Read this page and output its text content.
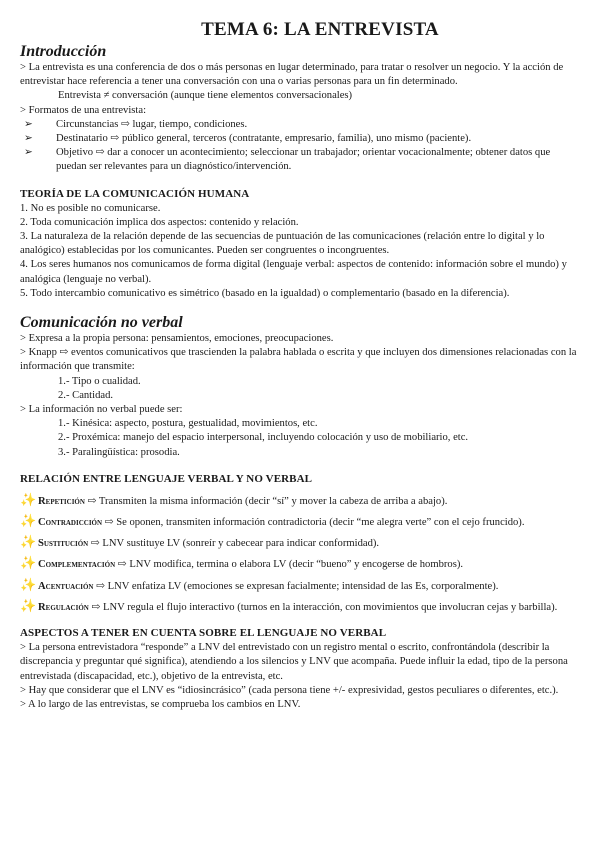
TEMA 6: LA ENTREVISTA
Introducción

> La entrevista es una conferencia de dos o más personas en lugar determinado, para tratar o resolver un negocio. Y la acción de entrevistar hace referencia a tener una conversación con una o varias personas para un fin determinado.

Entrevista ≠ conversación (aunque tiene elementos conversacionales)

> Formatos de una entrevista:

➢ Circunstancias ⇨ lugar, tiempo, condiciones.

➢ Destinatario ⇨ público general, terceros (contratante, empresario, familia), uno mismo (paciente).

➢ Objetivo ⇨ dar a conocer un acontecimiento; seleccionar un trabajador; orientar vocacionalmente; obtener datos que puedan ser relevantes para un diagnóstico/intervención.

TEORÍA DE LA COMUNICACIÓN HUMANA

1. No es posible no comunicarse.

2. Toda comunicación implica dos aspectos: contenido y relación.

3. La naturaleza de la relación depende de las secuencias de puntuación de las comunicaciones (relación entre lo digital y lo analógico) establecidas por los comunicantes. Pueden ser congruentes o incongruentes.

4. Los seres humanos nos comunicamos de forma digital (lenguaje verbal: aspectos de contenido: información sobre el mundo) y analógica (lenguaje no verbal).

5. Todo intercambio comunicativo es simétrico (basado en la igualdad) o complementario (basado en la diferencia).

Comunicación no verbal

> Expresa a la propia persona: pensamientos, emociones, preocupaciones.

> Knapp ⇨ eventos comunicativos que trascienden la palabra hablada o escrita y que incluyen dos dimensiones relacionadas con la información que transmite:

1.- Tipo o cualidad.

2.- Cantidad.

> La información no verbal puede ser:

1.- Kinésica: aspecto, postura, gestualidad, movimientos, etc.

2.- Proxémica: manejo del espacio interpersonal, incluyendo colocación y uso de mobiliario, etc.

3.- Paralingüística: prosodia.

RELACIÓN ENTRE LENGUAJE VERBAL Y NO VERBAL

✨ Repetición ⇨ Transmiten la misma información (decir “sí” y mover la cabeza de arriba a abajo).

✨ Contradicción ⇨ Se oponen, transmiten información contradictoria (decir “me alegra verte” con el cejo fruncido).

✨ Sustitución ⇨ LNV sustituye LV (sonreír y cabecear para indicar conformidad).

✨ Complementación ⇨ LNV modifica, termina o elabora LV (decir “bueno” y encogerse de hombros).

✨ Acentuación ⇨ LNV enfatiza LV (emociones se expresan facialmente; intensidad de las Es, corporalmente).

✨ Regulación ⇨ LNV regula el flujo interactivo (turnos en la interacción, con movimientos que involucran cejas y barbilla).

ASPECTOS A TENER EN CUENTA SOBRE EL LENGUAJE NO VERBAL

> La persona entrevistadora “responde” a LNV del entrevistado con un registro mental o escrito, confrontándola (describir la discrepancia y preguntar qué significa), atendiendo a los silencios y LNV que acompaña. Puede influir la edad, tipo de la persona entrevistada (discapacidad, etc.), objetivo de la entrevista, etc.

> Hay que considerar que el LNV es “idiosincrásico” (cada persona tiene +/- expresividad, gestos peculiares o diferentes, etc.).

> A lo largo de las entrevistas, se comprueba los cambios en LNV.
